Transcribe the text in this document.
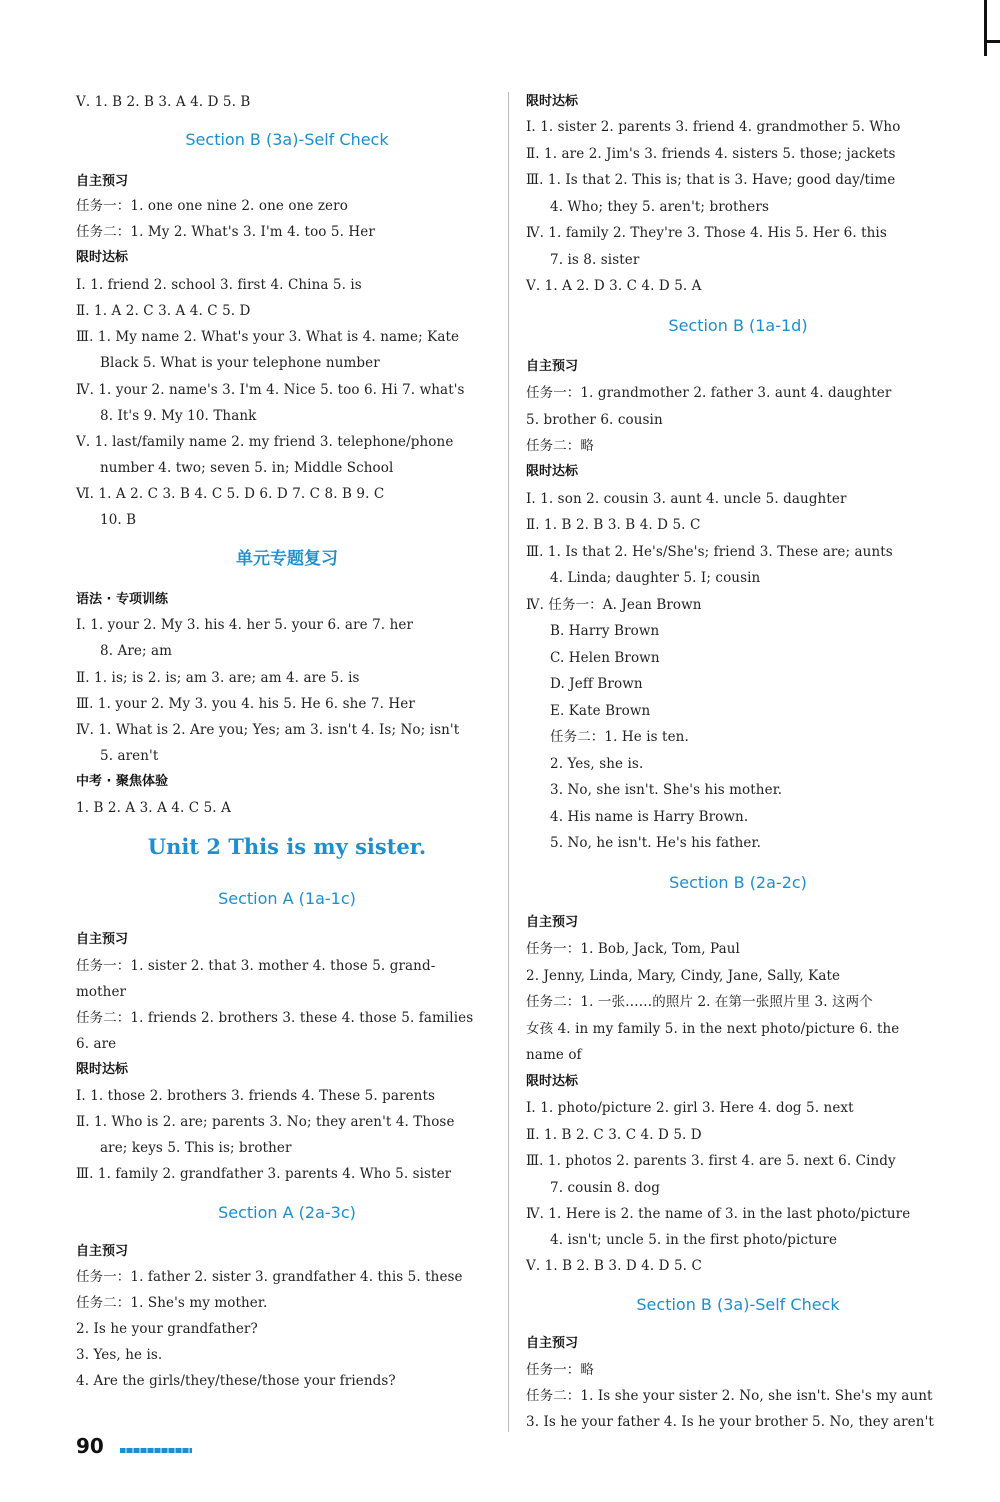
Ⅴ. 1. B 2. B 3. A 4. D 5. B
Section B (3a)-Self Check
自主预习
任务一：1. one one nine 2. one one zero
任务二：1. My 2. What's 3. I'm 4. too 5. Her
限时达标
Ⅰ. 1. friend 2. school 3. first 4. China 5. is
Ⅱ. 1. A 2. C 3. A 4. C 5. D
Ⅲ. 1. My name 2. What's your 3. What is 4. name; Kate
Black 5. What is your telephone number
Ⅳ. 1. your 2. name's 3. I'm 4. Nice 5. too 6. Hi 7. what's
8. It's 9. My 10. Thank
Ⅴ. 1. last/family name 2. my friend 3. telephone/phone
number 4. two; seven 5. in; Middle School
Ⅵ. 1. A 2. C 3. B 4. C 5. D 6. D 7. C 8. B 9. C
10. B
单元专题复习
语法 · 专项训练
Ⅰ. 1. your 2. My 3. his 4. her 5. your 6. are 7. her
8. Are; am
Ⅱ. 1. is; is 2. is; am 3. are; am 4. are 5. is
Ⅲ. 1. your 2. My 3. you 4. his 5. He 6. she 7. Her
Ⅳ. 1. What is 2. Are you; Yes; am 3. isn't 4. Is; No; isn't
5. aren't
中考 · 聚焦体验
1. B 2. A 3. A 4. C 5. A
Unit 2 This is my sister.
Section A (1a-1c)
自主预习
任务一：1. sister 2. that 3. mother 4. those 5. grand-
mother
任务二：1. friends 2. brothers 3. these 4. those 5. families
6. are
限时达标
Ⅰ. 1. those 2. brothers 3. friends 4. These 5. parents
Ⅱ. 1. Who is 2. are; parents 3. No; they aren't 4. Those
are; keys 5. This is; brother
Ⅲ. 1. family 2. grandfather 3. parents 4. Who 5. sister
Section A (2a-3c)
自主预习
任务一：1. father 2. sister 3. grandfather 4. this 5. these
任务二：1. She's my mother.
2. Is he your grandfather?
3. Yes, he is.
4. Are the girls/they/these/those your friends?
限时达标
Ⅰ. 1. sister 2. parents 3. friend 4. grandmother 5. Who
Ⅱ. 1. are 2. Jim's 3. friends 4. sisters 5. those; jackets
Ⅲ. 1. Is that 2. This is; that is 3. Have; good day/time
4. Who; they 5. aren't; brothers
Ⅳ. 1. family 2. They're 3. Those 4. His 5. Her 6. this
7. is 8. sister
Ⅴ. 1. A 2. D 3. C 4. D 5. A
Section B (1a-1d)
自主预习
任务一：1. grandmother 2. father 3. aunt 4. daughter
5. brother 6. cousin
任务二：略
限时达标
Ⅰ. 1. son 2. cousin 3. aunt 4. uncle 5. daughter
Ⅱ. 1. B 2. B 3. B 4. D 5. C
Ⅲ. 1. Is that 2. He's/She's; friend 3. These are; aunts
4. Linda; daughter 5. I; cousin
Ⅳ. 任务一：A. Jean Brown
B. Harry Brown
C. Helen Brown
D. Jeff Brown
E. Kate Brown
任务二：1. He is ten.
2. Yes, she is.
3. No, she isn't. She's his mother.
4. His name is Harry Brown.
5. No, he isn't. He's his father.
Section B (2a-2c)
自主预习
任务一：1. Bob, Jack, Tom, Paul
2. Jenny, Linda, Mary, Cindy, Jane, Sally, Kate
任务二：1. 一张……的照片 2. 在第一张照片里 3. 这两个
女孩 4. in my family 5. in the next photo/picture 6. the
name of
限时达标
Ⅰ. 1. photo/picture 2. girl 3. Here 4. dog 5. next
Ⅱ. 1. B 2. C 3. C 4. D 5. D
Ⅲ. 1. photos 2. parents 3. first 4. are 5. next 6. Cindy
7. cousin 8. dog
Ⅳ. 1. Here is 2. the name of 3. in the last photo/picture
4. isn't; uncle 5. in the first photo/picture
Ⅴ. 1. B 2. B 3. D 4. D 5. C
Section B (3a)-Self Check
自主预习
任务一：略
任务二：1. Is she your sister 2. No, she isn't. She's my aunt
3. Is he your father 4. Is he your brother 5. No, they aren't
90
